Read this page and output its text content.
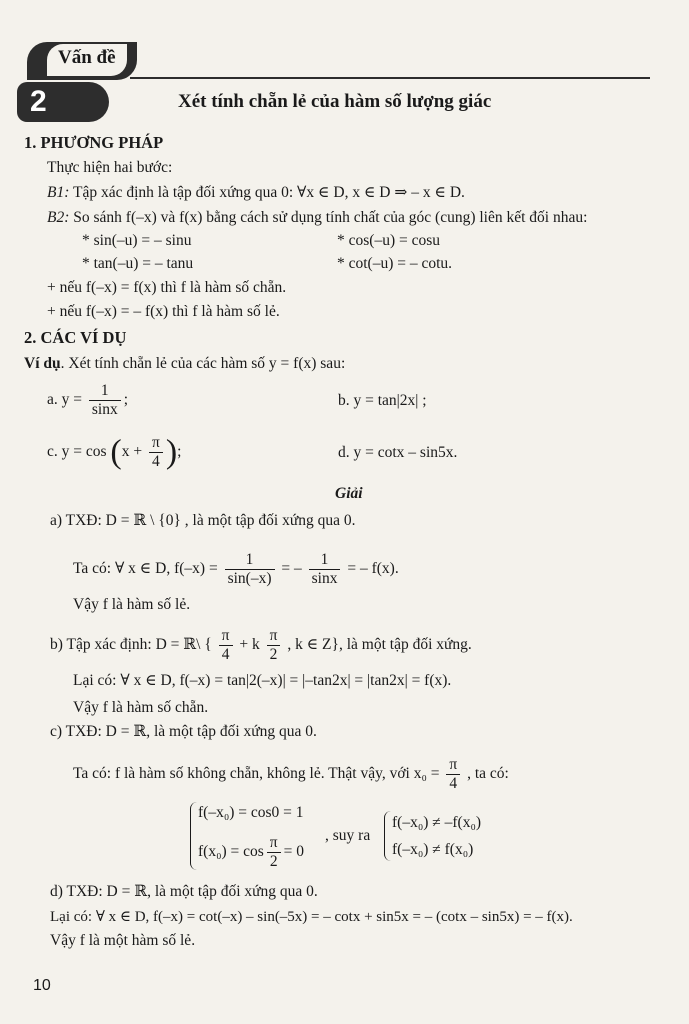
Vấn đề
2	Xét tính chẵn lẻ của hàm số lượng giác
1. PHƯƠNG PHÁP
Thực hiện hai bước:
B1: Tập xác định là tập đối xứng qua 0: ∀x ∈ D, x ∈ D ⇒ – x ∈ D.
B2: So sánh f(–x) và f(x) bằng cách sử dụng tính chất của góc (cung) liên kết đối nhau:
* sin(–u) = – sinu	* cos(–u) = cosu
* tan(–u) = – tanu	* cot(–u) = – cotu.
+ nếu f(–x) = f(x) thì f là hàm số chẵn.
+ nếu f(–x) = – f(x) thì f là hàm số lẻ.
2. CÁC VÍ DỤ
Ví dụ. Xét tính chẵn lẻ của các hàm số y = f(x) sau:
a. $y = \frac{1}{\sin x}$ ;	b. y = tan|2x| ;
c. $y = \cos (x + \frac{\pi}{4}$ );	d. y = cotx – sin5x.
Giải
a) TXĐ: D = ℝ \ {0} , là một tập đối xứng qua 0.
Ta có: ∀ x ∈ D, $f(-x) = \frac{1}{\sin(-x)}$ = – $\frac{1}{\sin x}$ = – f(x).
Vậy f là hàm số lẻ.
b) Tập xác định: D = ℝ\ { $\frac{\pi}{4} + k \frac{\pi}{2}$ , k ∈ Z}, là một tập đối xứng.
Lại có: ∀ x ∈ D, f(–x) = tan|2(–x)| = |–tan2x| = |tan2x| = f(x).
Vậy f là hàm số chẵn.
c) TXĐ: D = ℝ, là một tập đối xứng qua 0.
Ta có: f là hàm số không chẵn, không lẻ. Thật vậy, với $x_0 = \frac{\pi}{4}$ , ta có:
f(–x₀) = cos0 = 1
$f(x_0) = \cos \frac{\pi}{2} = 0$
, suy ra
f(–x₀) ≠ –f(x₀)
f(–x₀) ≠ f(x₀)
d) TXĐ: D = ℝ, là một tập đối xứng qua 0.
Lại có: ∀ x ∈ D, f(–x) = cot(–x) – sin(–5x) = – cotx + sin5x = – (cotx – sin5x) = – f(x).
Vậy f là một hàm số lẻ.
10
